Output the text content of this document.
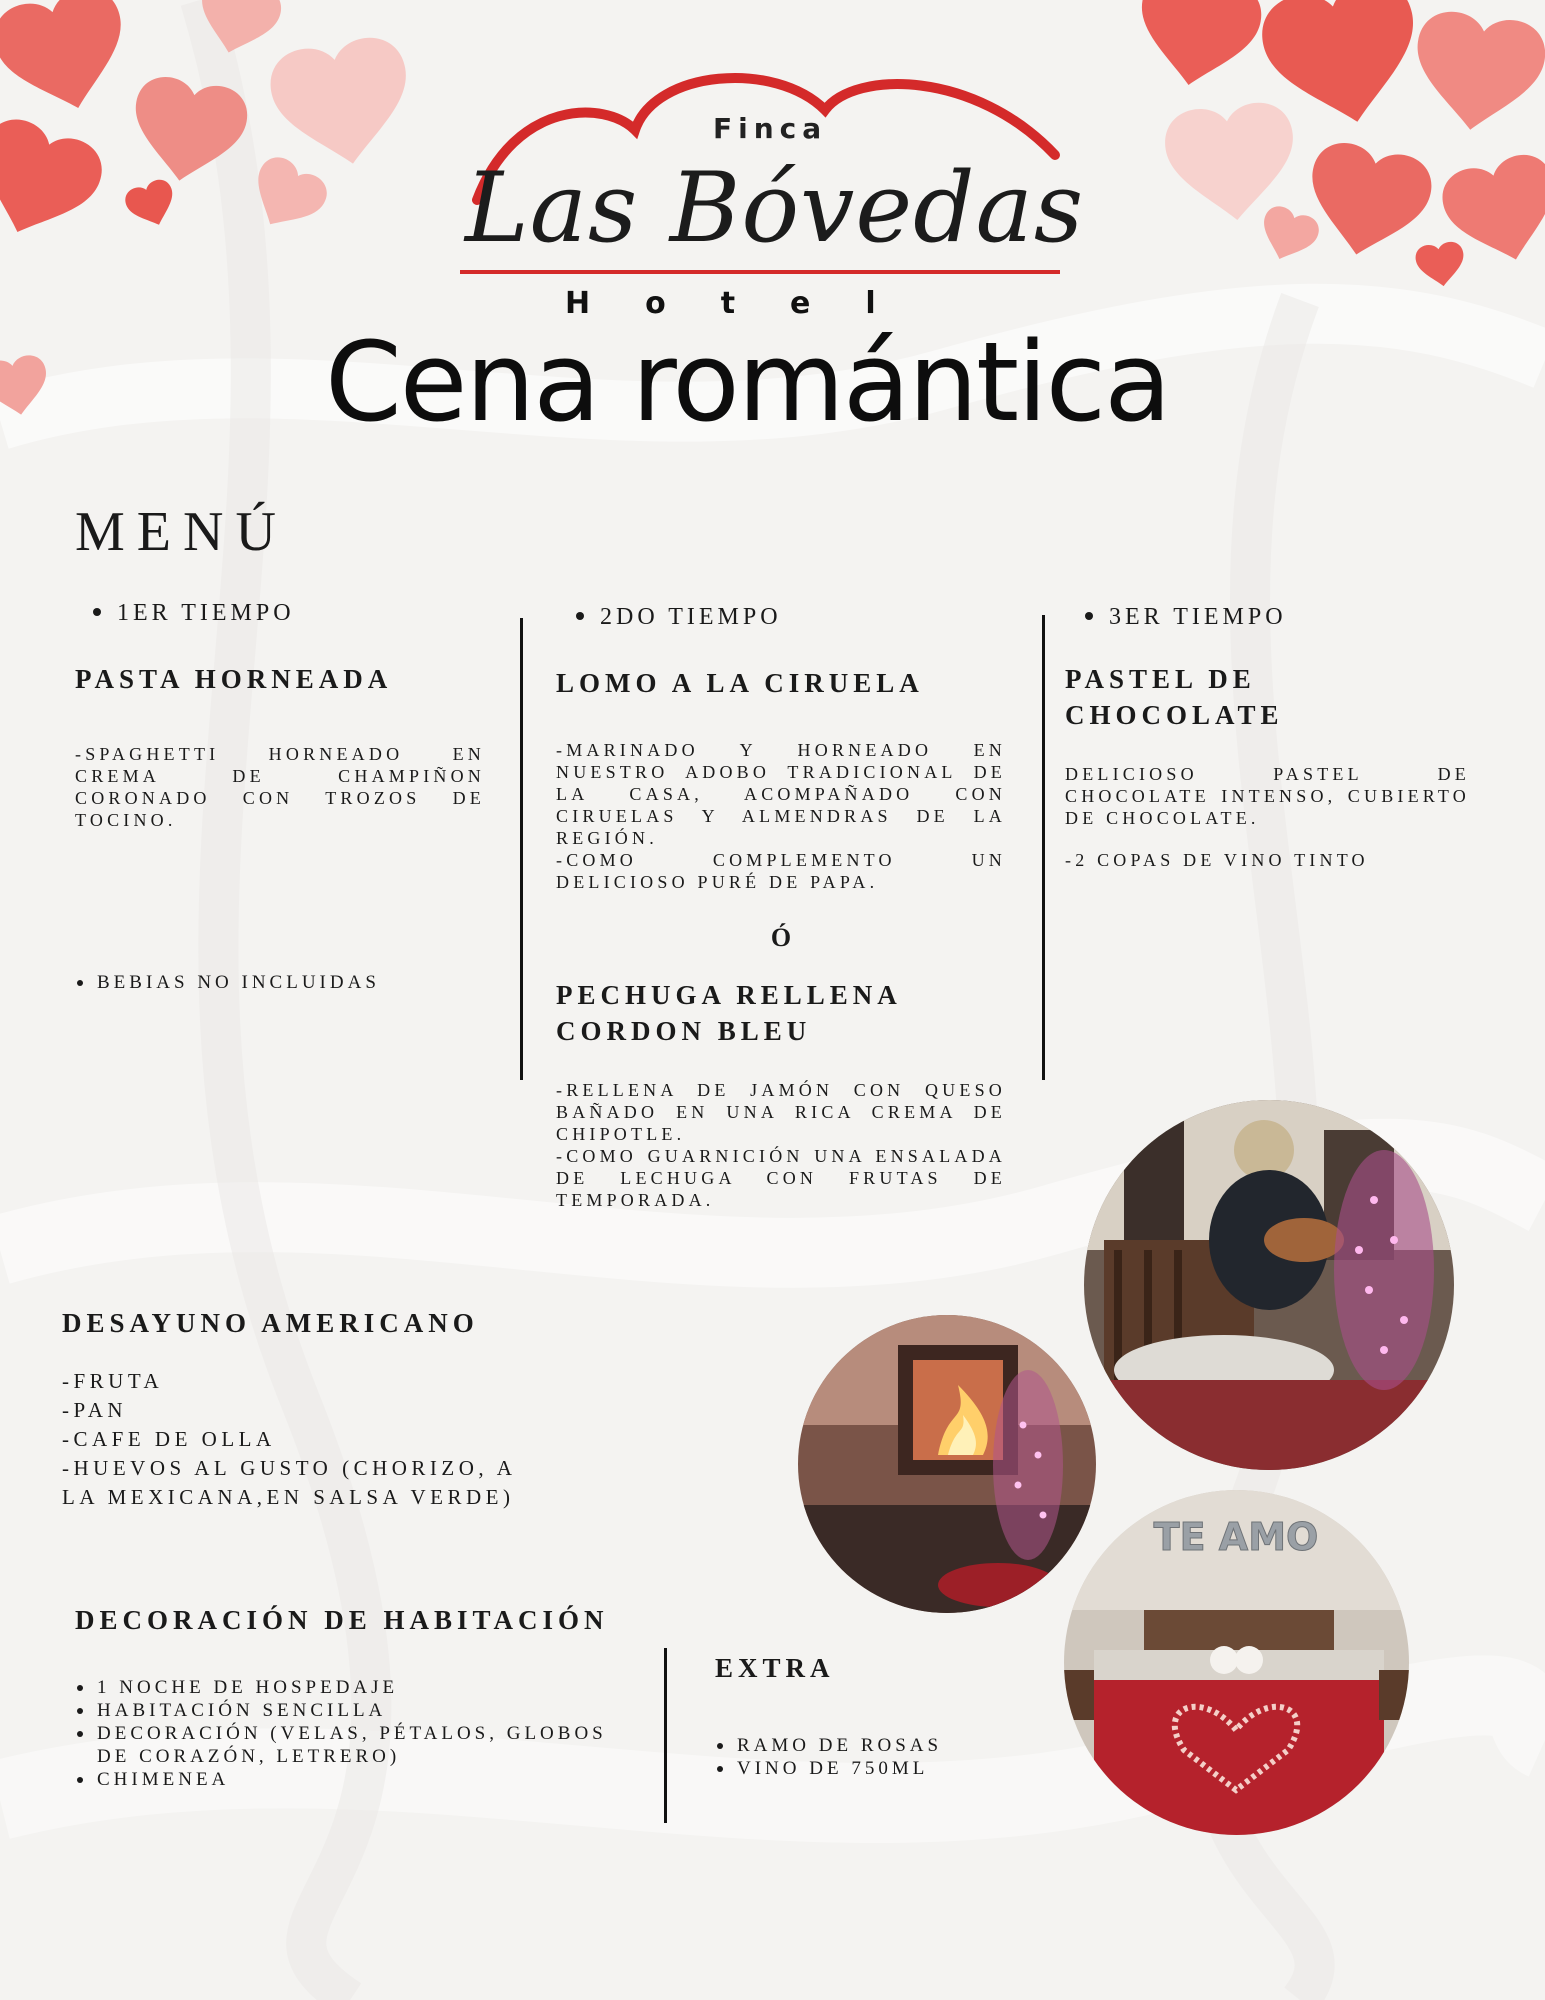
Finca
Las Bóvedas
Hotel
Cena romántica
MENÚ
1ER TIEMPO
PASTA HORNEADA

-SPAGHETTI HORNEADO EN CREMA DE CHAMPIÑON CORONADO CON TROZOS DE TOCINO.

BEBIAS NO INCLUIDAS
2DO TIEMPO
LOMO A LA CIRUELA

-MARINADO Y HORNEADO EN NUESTRO ADOBO TRADICIONAL DE LA CASA, ACOMPAÑADO CON CIRUELAS Y ALMENDRAS DE LA REGIÓN.

-COMO COMPLEMENTO UN DELICIOSO PURÉ DE PAPA.

Ó
PECHUGA RELLENA
CORDON BLEU

-RELLENA DE JAMÓN CON QUESO BAÑADO EN UNA RICA CREMA DE CHIPOTLE.

-COMO GUARNICIÓN UNA ENSALADA DE LECHUGA CON FRUTAS DE TEMPORADA.

3ER TIEMPO
PASTEL DE
CHOCOLATE

DELICIOSO PASTEL DE CHOCOLATE INTENSO, CUBIERTO DE CHOCOLATE.

-2 COPAS DE VINO TINTO
DESAYUNO AMERICANO
-FRUTA
-PAN
-CAFE DE OLLA
-HUEVOS AL GUSTO (CHORIZO, A LA MEXICANA,EN SALSA VERDE)
DECORACIÓN DE HABITACIÓN
1 NOCHE DE HOSPEDAJE
HABITACIÓN SENCILLA
DECORACIÓN (VELAS, PÉTALOS, GLOBOS DE CORAZÓN, LETRERO)
CHIMENEA
EXTRA
RAMO DE ROSAS
VINO DE 750ML
TE AMO
